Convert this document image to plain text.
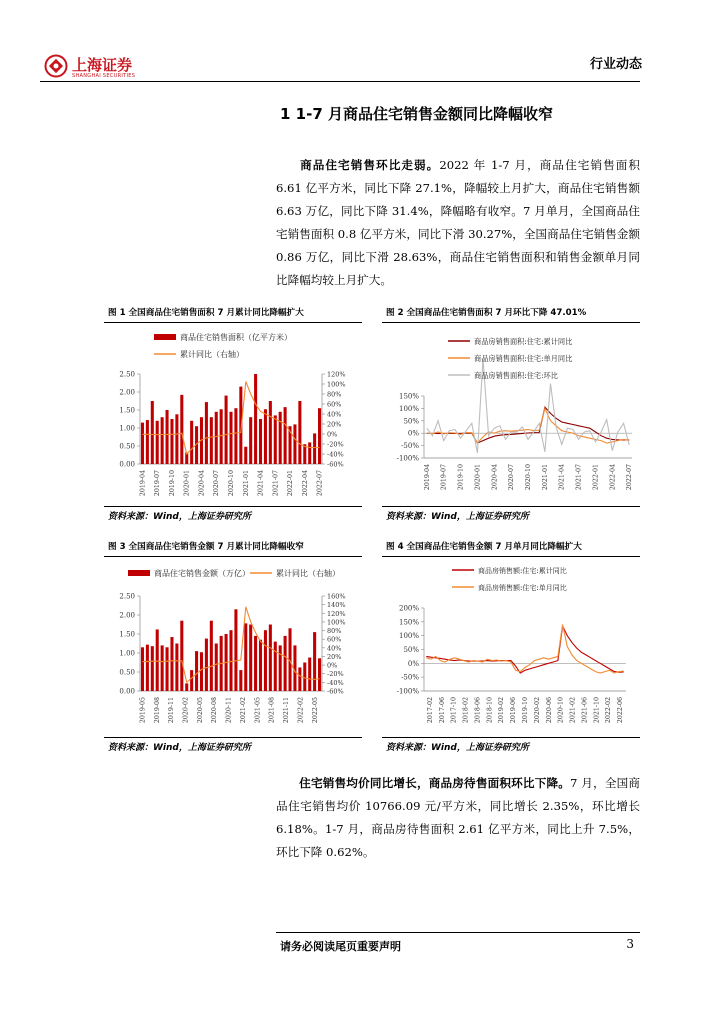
上海证券
SHANGHAI SECURITIES
行业动态
1 1-7 月商品住宅销售金额同比降幅收窄

商品住宅销售环比走弱。2022 年 1-7 月，商品住宅销售面积 6.61 亿平方米，同比下降 27.1%，降幅较上月扩大，商品住宅销售额 6.63 万亿，同比下降 31.4%，降幅略有收窄。7 月单月，全国商品住宅销售面积 0.8 亿平方米，同比下滑 30.27%，全国商品住宅销售金额 0.86 万亿，同比下滑 28.63%，商品住宅销售面积和销售金额单月同比降幅均较上月扩大。

图 1 全国商品住宅销售面积 7 月累计同比降幅扩大	图 2 全国商品住宅销售面积 7 月环比下降 47.01%
0.00
0.50
1.00
1.50
2.00
2.50
-60%
-40%
-20%
0%
20%
40%
60%
80%
100%
120%
2019-04 2019-07 2019-10 2020-01 2020-04 2020-07 2020-10 2021-01 2021-04 2021-07 2022-01 2022-04 2022-07
商品住宅销售面积（亿平方米）
累计同比（右轴）
-100%
-50%
0%
50%
100%
150%
2019-04 2019-07 2019-10 2020-01 2020-04 2020-07 2020-10 2021-01 2021-04 2021-07 2022-01 2022-04 2022-07
商品房销售面积:住宅:累计同比
商品房销售面积:住宅:单月同比
商品房销售面积:住宅:环比
资料来源：Wind，上海证券研究所	资料来源：Wind，上海证券研究所
图 3 全国商品住宅销售金额 7 月累计同比降幅收窄	图 4 全国商品住宅销售金额 7 月单月同比降幅扩大
0.00
0.50
1.00
1.50
2.00
2.50
-60%
-40%
-20%
0%
20%
40%
60%
80%
100%
120%
140%
160%
2019-05 2019-08 2019-11 2020-02 2020-05 2020-08 2020-11 2021-02 2021-05 2021-08 2021-11 2022-02 2022-05
商品住宅销售金额（万亿）	累计同比（右轴）
-100%
-50%
0%
50%
100%
150%
200%
2017-02 2017-06 2017-10 2018-02 2018-06 2018-10 2019-02 2019-06 2019-10 2020-02 2020-06 2020-10 2021-02 2021-06 2021-10 2022-02 2022-06
商品房销售额:住宅:累计同比
商品房销售额:住宅:单月同比
资料来源：Wind，上海证券研究所	资料来源：Wind，上海证券研究所

住宅销售均价同比增长，商品房待售面积环比下降。7 月，全国商品住宅销售均价 10766.09 元/平方米，同比增长 2.35%，环比增长 6.18%。1-7 月，商品房待售面积 2.61 亿平方米，同比上升 7.5%，环比下降 0.62%。

请务必阅读尾页重要声明	3
